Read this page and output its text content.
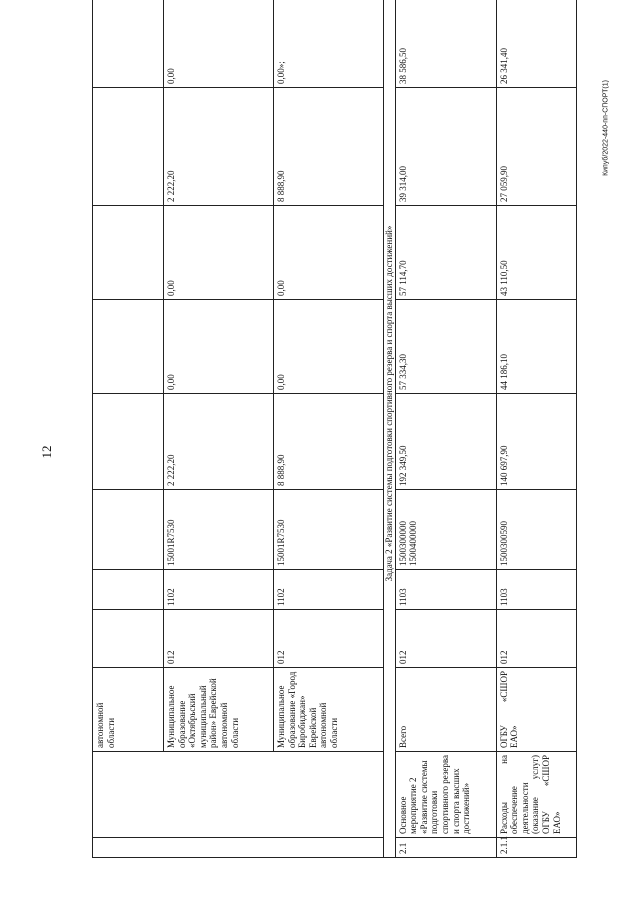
12
Кипуб/2022-440-пп-СПОРТ(1)
		автономной области								
		Муниципальное образование «Октябрьский муниципальный район» Еврейской автономной области	012	1102	15001R7530	2 222,20	0,00	0,00	2 222,20	0,00
		Муниципальное образование «Город Биробиджан» Еврейской автономной области	012	1102	15001R7530	8 888,90	0,00	0,00	8 888,90	0,00»;
Задача 2 «Развитие системы подготовки спортивного резерва и спорта высших достижений»										
2.1	Основное мероприятие 2 «Развитие системы подготовки спортивного резерва и спорта высших достижений»	Всего	012	1103	1500300000 1500400000	192 349,50	57 334,30	57 114,70	39 314,00	38 586,50
2.1.1	Расходы на обеспечение деятельности (оказание услуг) ОГБУ «СШОР ЕАО»	ОГБУ «СШОР ЕАО»	012	1103	1500300590	140 697,90	44 186,10	43 110,50	27 059,90	26 341,40
